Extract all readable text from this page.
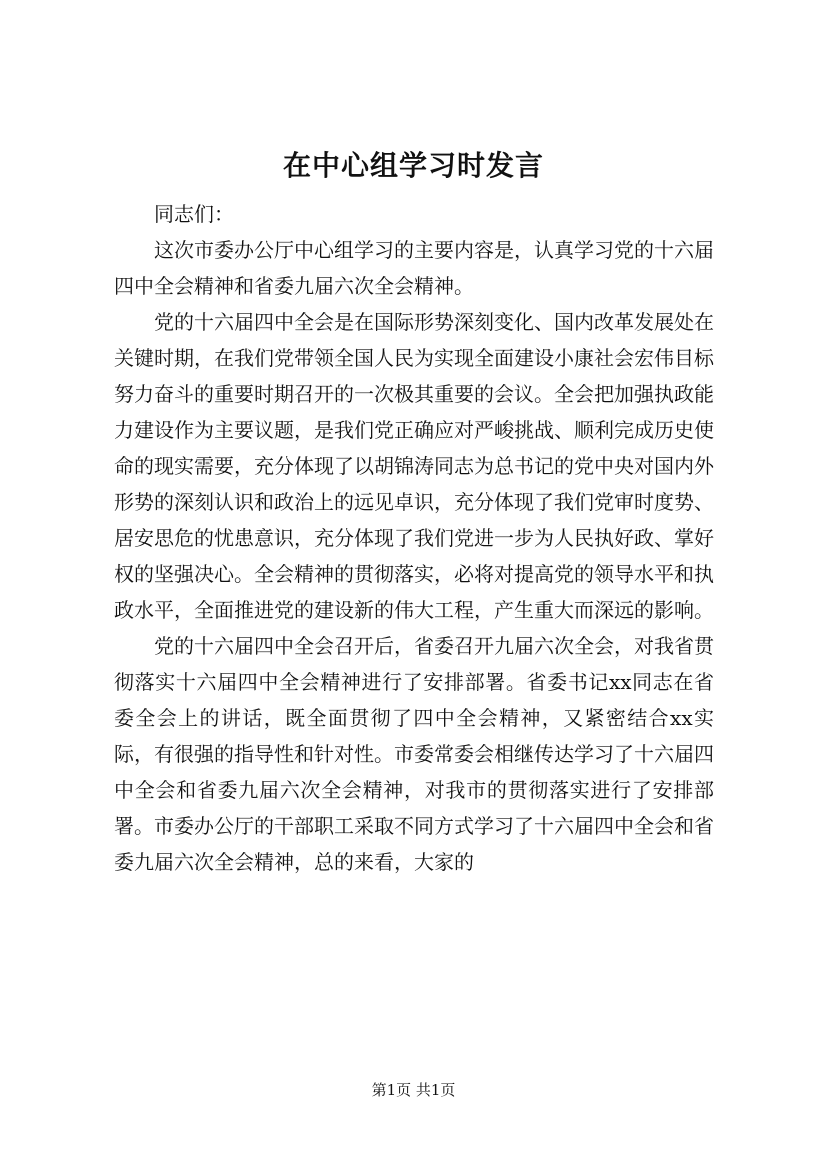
在中心组学习时发言

同志们：

这次市委办公厅中心组学习的主要内容是，认真学习党的十六届四中全会精神和省委九届六次全会精神。

党的十六届四中全会是在国际形势深刻变化、国内改革发展处在关键时期，在我们党带领全国人民为实现全面建设小康社会宏伟目标努力奋斗的重要时期召开的一次极其重要的会议。全会把加强执政能力建设作为主要议题，是我们党正确应对严峻挑战、顺利完成历史使命的现实需要，充分体现了以胡锦涛同志为总书记的党中央对国内外形势的深刻认识和政治上的远见卓识，充分体现了我们党审时度势、居安思危的忧患意识，充分体现了我们党进一步为人民执好政、掌好权的坚强决心。全会精神的贯彻落实，必将对提高党的领导水平和执政水平，全面推进党的建设新的伟大工程，产生重大而深远的影响。

党的十六届四中全会召开后，省委召开九届六次全会，对我省贯彻落实十六届四中全会精神进行了安排部署。省委书记xx同志在省委全会上的讲话，既全面贯彻了四中全会精神，又紧密结合xx实际，有很强的指导性和针对性。市委常委会相继传达学习了十六届四中全会和省委九届六次全会精神，对我市的贯彻落实进行了安排部署。市委办公厅的干部职工采取不同方式学习了十六届四中全会和省委九届六次全会精神，总的来看，大家的

第1页 共1页
